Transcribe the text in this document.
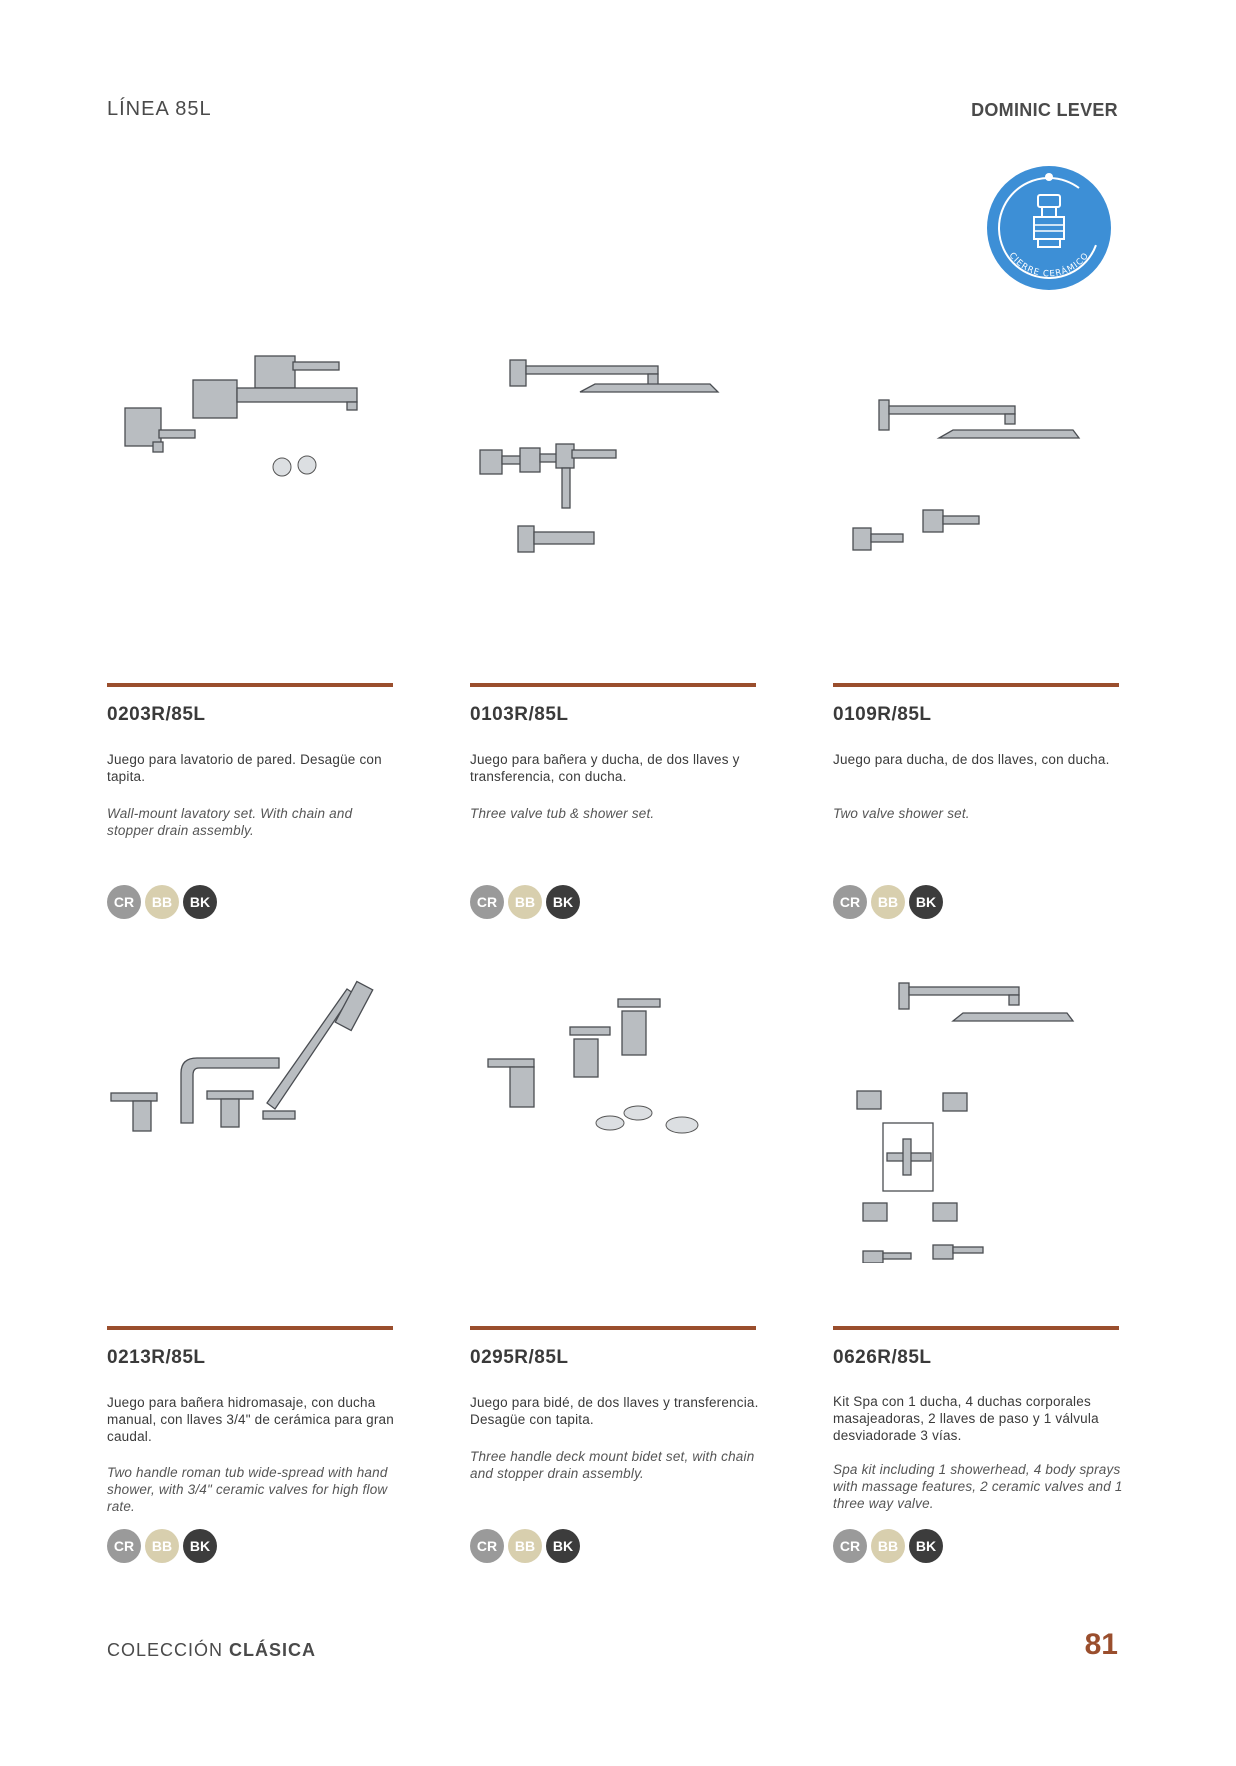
LÍNEA 85L	DOMINIC LEVER
CIERRE CERÁMICO
0203R/85L
Juego para lavatorio de pared. Desagüe con tapita.
Wall-mount lavatory set. With chain and stopper drain assembly.
CR	BB	BK
0103R/85L
Juego para bañera y ducha, de dos llaves y transferencia, con ducha.
Three valve tub & shower set.
CR	BB	BK
0109R/85L
Juego para ducha, de dos llaves, con ducha.
Two valve shower set.
CR	BB	BK
0213R/85L
Juego para bañera hidromasaje, con ducha manual, con llaves 3/4" de cerámica para gran caudal.
Two handle roman tub wide-spread with hand shower, with 3/4" ceramic valves for high flow rate.
CR	BB	BK
0295R/85L
Juego para bidé, de dos llaves y transferencia. Desagüe con tapita.
Three handle deck mount bidet set, with chain and stopper drain assembly.
CR	BB	BK
0626R/85L
Kit Spa con 1 ducha, 4 duchas corporales masajeadoras, 2 llaves de paso y 1 válvula desviadorade 3 vías.
Spa kit including 1 showerhead, 4 body sprays with massage features, 2 ceramic valves and 1 three way valve.
CR	BB	BK
COLECCIÓN CLÁSICA	81
